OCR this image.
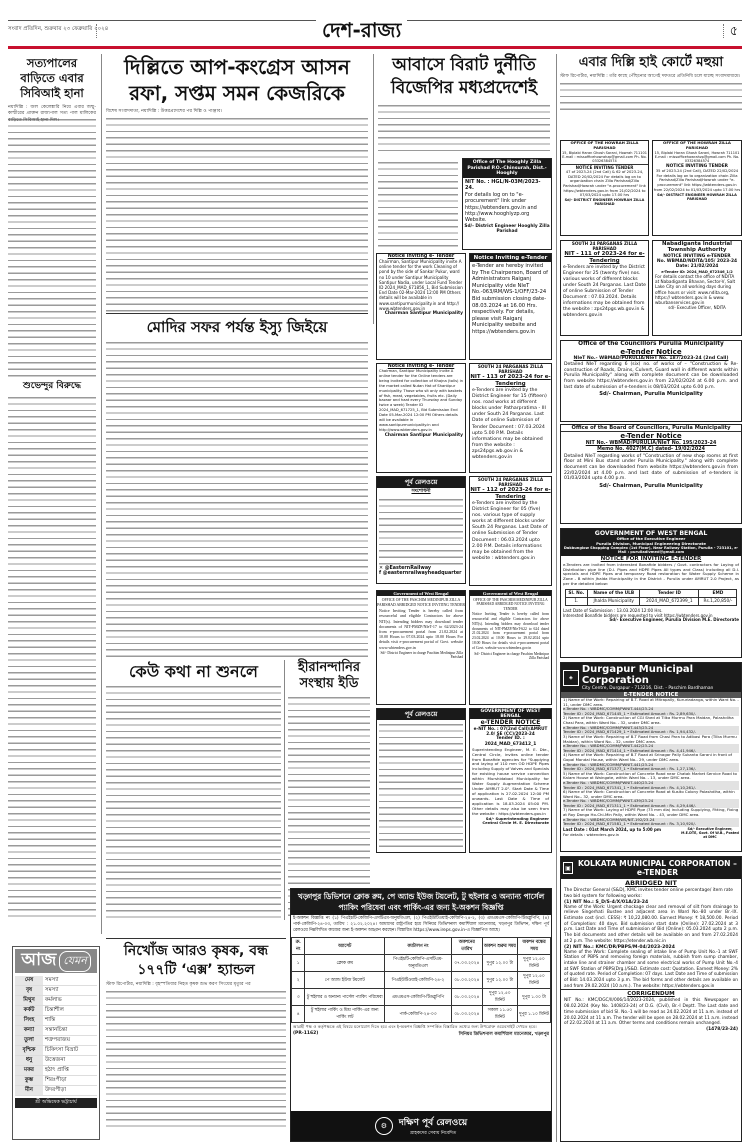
সংবাদ প্রতিদিন, শুক্রবার ২৩ ফেব্রুয়ারি ২০২৪	দেশ-রাজ্য	৫
সত্যপালের বাড়িতে এবার সিবিআই হানা
নয়াদিল্লি : জল কেলেঙ্কারি নিয়ে এবার জম্মু-কাশ্মীরের প্রাক্তন রাজ্যপাল সত্য পাল মালিকের বাড়িতে সিবিআই হানা দিল।
শুভেন্দুর বিরুদ্ধে
আজ যেমন
মেষ	সমস্যা
বৃষ	সমস্যা
মিথুন	কর্মলাভ
কর্কট	চিন্তাশীল
সিংহ	শান্তি
কন্যা	সন্তানচিন্তা
তুলা	শত্রুপরাজয়
বৃশ্চিক	চিকিৎসা বিভ্রাট
ধনু	উত্তেজনা
মকর	হঠাৎ প্রাপ্তি
কুম্ভ	শিরঃপীড়া
মীন	উদরপীড়া
শ্রী অভিষেক ভট্টাচার্য
দিল্লিতে আপ-কংগ্রেস আসন রফা, সপ্তম সমন কেজরিকে
বিশেষ সংবাদদাতা, নয়াদিল্লি : উত্তরপ্রদেশের পর দিল্লি ও পাঞ্জাব।
মোদির সফর পর্যন্ত ইস্যু জিইয়ে
কেউ কথা না শুনলে	হীরানন্দানির সংস্থায় ইডি
নিখোঁজ আরও কৃষক, বন্ধ ১৭৭টি ‘এক্স’ হ্যান্ডল
স্টাফ রিপোর্টার, নয়াদিল্লি : বৃহস্পতিবার নিহত কৃষক শুভ করণ সিংয়ের মৃত্যুর পর
আবাসে বিরাট দুর্নীতি বিজেপির মধ্যপ্রদেশেই
Office of The Hooghly Zilla Parishad P.O.-Chinsurah, Dist.-Hooghly
NIT No. : HGL/N-03M/2023-24.
For details log on to "e-procurement" link under https://wbtenders.gov.in and http://www.hooghlyzp.org Website.
Sd/- District Engineer Hooghly Zilla Parishad
Notice inviting e- Tender
Chairman, Santipur Municipality invite A online tender for the work Cleaning of pond by the side of Sankar Pukur, ward no 10 under Santipur Municipality Santipur Nadia, under Local Fund Tender ID 2024_MAD_671856_1, Bid Submission End Date 02-Mar-2024 12:00 PM Others details will be available in www.santipurmunicipality.in and http:// www.wbtenders.gov.in
Chairman Santipur Municipality
Notice Inviting e-Tender
e-Tender are hereby invited by The Chairperson, Board of Administrators Raiganj Municipality vide NIeT No.-063/RM/WS-1/OFF/23-24 Bid submission closing date- 08.03.2024 at 16.00 Hrs. respectively. For details, please visit Raiganj Municipality website and https://wbtenders.gov.in
Notice inviting e- Tender
Chairman, Santipur Municipality invite A online tender for the Online tenders are being invited for collection of Khajna (tolls) in the market called Nutan Hat of Shantipur municipality. Those who sit only with baskets of fish, meat, vegetables, fruits etc. (Daily bazaar and haat every Thursday and Sunday twice a week) Tender ID 2024_MAD_671725_1, Bid Submission End Date 05-Mar-2024 12:00 PM Others details will be available in www.santipurmunicipality.in and http://www.wbtenders.gov.in
Chairman Santipur Municipality
SOUTH 24 PARGANAS ZILLA PARISHAD
NIT - 113 of 2023-24 for e-Tendering
e-Tenders are invited by the District Engineer for 15 (fifteen) nos. road works at different blocks under Patharpratima - III under South 24 Parganas. Last Date of online Submission of Tender Document : 07.03.2024 upto 5.00 P.M. Details informations may be obtained from the website : zps24pgs.wb.gov.in & wbtenders.gov.in
পূর্ব রেলওয়ে
সংশোধনী
✕ @EasternRailway
f @easternrailwayheadquarter
SOUTH 24 PARGANAS ZILLA PARISHAD
NIT - 112 of 2023-24 for e-Tendering
e-Tenders are invited by the District Engineer for 05 (five) nos. various type of supply works at different blocks under South 24 Parganas. Last Date of online Submission of Tender Document : 06.03.2024 upto 2.00 P.M. Details informations may be obtained from the website : wbtenders.gov.in
Government of West Bengal
OFFICE OF THE PASCHIM MEDINIPUR ZILLA PARISHAD ABRIDGED NOTICE INVITING TENDER
Notice Inviting Tender is hereby called from resourceful and eligible Contractors for above NIT(s). Intending bidders may download tender documents of NIT-PMZP/NIeT-17 to 62/2023-24 from e-procurement portal from 21.02.2024 at 10.00 Hours to 07.03.2024 upto 18.00 Hours For details visit e-procurement portal of Govt. website www.wbtenders.gov.in
Sd/- District Engineer in charge Paschim Medinipur Zilla Parishad
Government of West Bengal
OFFICE OF THE PASCHIM MEDINIPUR ZILLA PARISHAD ABRIDGED NOTICE INVITING TENDER
Notice Inviting Tender is hereby called from resourceful and eligible Contractors for above NIT(s). Intending bidders may download tender documents of NIT-PMZP/NIeT-622 to 624 dated 21.02.2024 from e-procurement portal from 23.02.2024 at 10.00 Hours to 29.02.2024 upto 18.00 Hours for details visit e-procurement portal of Govt. website www.wbtenders.gov.in
Sd/- District Engineer in charge Paschim Medinipur Zilla Parishad
পূর্ব রেলওয়ে	GOVERNMENT OF WEST BENGAL
e-TENDER NOTICE
e-NIT No. : 07(2nd Call)/AMRUT 2.0/ SE (CC)/2023-24
Tender ID. : 2024_MAD_673412_1
Superintending Engineer, M. E. Dte., Central Circle, invites online tender from Bonafide agencies for "Supplying and laying of 110 mm OD HDPE Pipes including Supply of Valves and Specials for existing house service connection within Murshidabad Municipality for Water Supply Augmentation Scheme Under AMRUT 2.0". Start Date & Time of application is 27.02.2024 12:00 PM onwards. Last Date & Time of application is 18.03.2024 05:00 PM. Other details may also be seen from the website : https://wbtenders.gov.in
Sd/- Superintending Engineer Central Circle M. E. Directorate
এবার দিল্লি হাই কোর্টে মহুয়া
স্টাফ রিপোর্টার, নয়াদিল্লি : তাঁর কাছে পৌঁছনোর আগেই দফতরে প্রতিনিধি চলে যাচ্ছে সংবাদমাধ্যমে।
OFFICE OF THE HOWRAH ZILLA PARISHAD
15, Biplabi Haran Ghosh Sarani, Howrah 711101 E-mail : missofficehowrahzp@gmail.com Ph. No. 03326384574
NOTICE INVITING TENDER
47 of 2023-24 (2nd Call) & 62 of 2023-24, DATED 20/02/2024 For details log on to organization chain Zilla Parishad/Zilla Parishad/Howrah under "e-procurement" link https://wbtenders.gov.in from 21/02/2024 to 07/03/2024 upto 17.00 hrs
Sd/- DISTRICT ENGINEER HOWRAH ZILLA PARISHAD
OFFICE OF THE HOWRAH ZILLA PARISHAD
15, Biplabi Haran Ghosh Sarani, Howrah 711101 E-mail : missofficehowrahzp@gmail.com Ph. No. 03326384574
NOTICE INVITING TENDER
35 of 2023-24 (2nd Call), DATED 22/02/2024 For details log on to organization chain Zilla Parishad/Zilla Parishad/Howrah under "e-procurement" link https://wbtenders.gov.in from 22/02/2024 to 01/03/2024 upto 17.00 hrs
Sd/- DISTRICT ENGINEER HOWRAH ZILLA PARISHAD
SOUTH 24 PARGANAS ZILLA PARISHAD
NIT - 111 of 2023-24 for e-Tendering
e-Tenders are invited by the District Engineer for 25 (twenty five) nos. various works of different blocks under South 24 Parganas. Last Date of online Submission of Tender Document : 07.03.2024. Details informations may be obtained from the website : zps24pgs.wb.gov.in & wbtenders.gov.in
Nabadiganta Industrial Township Authority
NOTICE INVITING e-TENDER
No. WBMAD/NDITA/105/ 2023-24 Date: 21/02/2024
e-Tender ID: 2024_MAD_672346_1/2
For details contact the office of NDITA at Nabadiganta Bhavan, Sector-V, Salt Lake City on all working days during office hours or visit: www.ndita.org, https:// wbtenders.gov.in & www. wburbanservices.gov.in
sd/- Executive Officer, NDITA
Office of the Councillors Purulia Municipality
e-Tender Notice
NIeT No.- WBMAD/PURULIA/NIeT No. 187/2023-24 (2nd Call)
Detailed NIeT regarding 6 (six) no. of works of – "Construction & Re-construction of Roads, Drains, Culvert, Guard wall in different wards within Purulia Municipality" along with complete document can be downloaded from website https://wbtenders.gov.in from 22/02/2024 at 6.00 p.m. and last date of submission of e-tenders is 08/03/2024 upto 6.00 p.m.
Sd/- Chairman, Purulia Municipality
Office of the Board of Councillors, Purulia Municipality
e-Tender Notice
NIT No.- WBMAD/PURULIA/NIeT No. 195/2023-24
Memo No. 4027(M.C) dated- 19/02/2024
Detailed NIeT regarding works of "Construction of new shop rooms at first floor at Mini Bus stand under Purulia Municipality." along with complete document can be downloaded from website https://wbtenders.gov.in from 22/02/2024 at 4.00 p.m. and last date of submission of e-tenders is 01/03/2024 upto 4.00 p.m.
Sd/- Chairman, Purulia Municipality
GOVERNMENT OF WEST BENGAL
Office of the Executive Engineer
Purulia Division, Municipal Engineering Directorate
Dakbunglow Shopping Complex (1st Floor), Near Railway Station, Purulia - 723101, e-Mail : puruliadivmed@gmail.com
NOTICE FOR INVITING E-TENDER
e-Tenders are invited from interested Bonafide bidders / Govt. contractors for Laying of Distribution pipe line (D.I. Pipes and HDPE Pipes All types and Class) including all D.I. specials and HDPE Pipes and temporary Road restoration for Water Supply Scheme in Zone - B within Jhalda Municipality in the District - Purulia under AMRUT 2.0 Project, as per the detailed below:
Sl. No.	Name of the ULB	Tender ID	EMD
1.	Jhalda Municipality	2024_MAD_672399_1	Rs.1,20,850/-
Last Date of Submission : 13.03.2024 12:00 Hrs.
Interested Bonafide bidders are requested to visit https://wbtenders.gov.in
Sd/- Executive Engineer, Purulia Division M.E. Directorate
◈
Durgapur Municipal Corporation
City Centre, Durgapur - 713216, Dist. - Paschim Bardhaman
E-TENDER NOTICE
1) Name of the Work: Repairing of B.T. Road at Mitrapally, Kururiadanga, within Ward No. - 11, under DMC area.
e-Tender No. : WBDMC/COMM/PWNIT-444/23-24
Tender ID : 2024_MAD_671445_1 • Estimated Amount : Rs. 2,89,630/-
2) Name of the Work: Construction of CGI Shed at Tilka Murmu Para Maidan, Palashdiha Chasi Para, within Ward No. - 32, under DMC area.
e-Tender No. : WBDMC/COMM/PWNIT-443/23-24
Tender ID : 2024_MAD_671429_1 • Estimated Amount : Rs. 1,94,432/-
3) Name of the Work: Repairing of B.T Road from Chasi Para to Adibasi Para (Tilka Murmu Maidan), within Ward No. - 32, under DMC area.
e-Tender No. : WBDMC/COMM/PWNIT-442/23-24
Tender ID : 2024_MAD_671414_1 • Estimated Amount : Rs. 4,41,946/-
4) Name of the Work: Repairing of B.T Road at Srinagar Pally Sukanta Sarani in front of Gopal Mondal House, within Ward No.- 29, under DMC area.
e-Tender No. : WBDMC/COMM/PWNIT-441/23-24
Tender ID : 2024_MAD_671377_1 • Estimated Amount : Rs. 1,27,136/-
5) Name of the Work: Construction of Concrete Road near Chatak Market Service Road to Kalam House at Waingate, within Ward No. - 13, under DMC area.
e-Tender No. : WBDMC/COMM/PWNIT-440/23-24
Tender ID : 2024_MAD_671341_1 • Estimated Amount : Rs. 4,10,261/-
6) Name of the Work: Construction of Concrete Road at Kusito Colony Palashdiha, within Ward No.- 32, under DMC area.
e-Tender No. : WBDMC/COMM/PWNIT-439/23-24
Tender ID : 2024_MAD_671311_1 • Estimated Amount : Rs. 4,29,446/-
7) Name of the Work: Laying of HDPE Pipe (75 mm dia) including Supplying, Fitting, Fixing at Roy Danga Ho-Chi-Min Pally, within Ward No. - 43, under DMC area.
e-Tender No. : WBDMC/COMM/WS/NIT-192/23-24
Tender ID : 2024_MAD_671581_1 • Estimated Amount : Rs. 3,10,920/-
Last Date : 01st March 2024, up to 5:00 pm
For details : wbtenders.gov.in
Sd/- Executive Engineer, M.E.DTE, Govt. Of W.B., Posted at DMC
▣ KOLKATA MUNICIPAL CORPORATION – e-TENDER
ABRIDGED NIT
The Director General (S&D), KMC invites tender online percentage/ item rate two bid system for following works:
(1) NIT No.: S_D/S-4/X/01A/23-24
Name of the Work: Urgent chockage clear and removal of silt from drainage to relieve Singerhati Bustee and adjacent area in Ward No.-80 under Br.-IX. Estimate cost (incl. CESS): ₹ 10,22,080.00. Earnest Money: ₹ 18,500.00. Period of Completion: 40 days. Bid submission start date (Online): 27.02.2024 at 3 p.m. Last Date and Time of submission of Bid (Online): 05.03.2024 upto 2 p.m. The bid documents and other details will be available on and from 27.02.2024 at 2 p.m. The website: https://etender.wb.nic.in
(2) NIT No.: KMC/DR/PBPS/M-04/2023-2024
Name of the Work: Complete sealing of intake line of Pump Unit No.-1 at SWF Station of PBPS and removing foreign materials, rubbish from sump chamber, intake line and strainer chamber and some electrical works of Pump Unit No.-4 at SWF Station of PBPS(Drg.)/S&D. Estimate cost: Quotation. Earnest Money: 2% of quoted rate. Period of Completion: 07 days. Last Date and Time of submission of Bid: 14.03.2024 upto 3 p.m. The bid forms and other details are available on and from 29.02.2024 (10 a.m.). The website: https://wbtenders.gov.in
CORRIGENDUM
NIT No.: KMC/DGC/II/006/14/2023-2024, published in this Newspaper on 08.02.2024 (Key No. 1408/23-24) of D.G. (Civil), Br.-I Deptt. The Last date and time submission of bid Sl. No.-1 will be read as 24.02.2024 at 11 a.m. instead of 20.02.2024 at 11 a.m. The tender will be open on 28.02.2024 at 11 a.m. instead of 22.02.2024 at 11 a.m. Other terms and conditions remain unchanged.
(1478/23-24)
খড়্গপুর ডিভিশনে ক্লোক রুম, পে অ্যান্ড ইউজ টয়লেট, টু হুইলার ও অন্যান্য পার্সেল প্যাকিং পরিষেবা এবং পার্কিং-এর জন্য ই-অকশন বিজ্ঞপ্তি
ই-অকশন বিজ্ঞপ্তি নং (১) পিএইচটি-কেজিপি-এসটিএম-অনুমতিএল, (২) পিএইউটিওয়াই-কেজিপি-২৪-২, (৩) এমএমএস-কেজিপি-টিডব্লুপিপি, (৪) পার্ক-কেজিপি-২৪-০৩, তারিখ : ২১.০২.২০২৪। আমাদের রাষ্ট্রপতির হয়ে সিনিয়র ডিভিশনাল কমার্শিয়াল ম্যানেজার, খড়্গপুর ডিভিশন, দক্ষিণ পূর্ব রেলওয়ে নিম্নলিখিত কাজের জন্য ই-অকশন আহ্বান করছেন। বিস্তারিত https://www.ireps.gov.in-এ বিজ্ঞাপিত আছে।
ক্র. নং	অ্যাসেট	ক্যাটালগ নং	অকশনের তারিখ	অকশন শুরুর সময়	অকশন বন্ধের সময়
১	ক্লোক রুম	পিএইচটি-কেজিপি-এসটিএম-অনুমতিএল	০৭.০৩.২০২৪	দুপুর ১২.০০ টা	দুপুর ১২.৫০ মিনিট
২	পে অ্যান্ড ইউজ টয়লেট	পিএইউটিওয়াই-কেজিপি-২৪-২	০৮.০৩.২০২৪	দুপুর ১২.০০ টা	দুপুর ১২.৫০ মিনিট
৩	টু হুইলার ও অন্যান্য পার্সেল প্যাকিং পরিষেবা	এমএমএস-কেজিপি-টিডব্লুপিপি	০৮.০৩.২০২৪	দুপুর ১২.৫০ মিনিট	দুপুর ১.০০ টা
৪	টু হুইলার পার্কিং ও মিশ্র পার্কিং-এর জন্য পার্কিং লট	পার্ক-কেজিপি-২৪-০৩	০৮.০৩.২০২৪	সকাল ১১.৫০ মিনিট	দুপুর ১.১০ মিনিট
আগ্রহী পক্ষ ও কর্তৃপক্ষকে এই বিষয়ে মনোযোগ দিতে হবে এবং ই-অকশন বিজ্ঞপ্তি সম্পর্কিত বিস্তারিত তথ্যের জন্য উপরোক্ত ওয়েবসাইট দেখতে হবে।
(PR-1162)	সিনিয়র ডিভিশনাল কমার্শিয়াল ম্যানেজার, খড়্গপুর
⚙	দক্ষিণ পূর্ব রেলওয়ে
গ্রাহকদের সেবায় নিবেদিত
